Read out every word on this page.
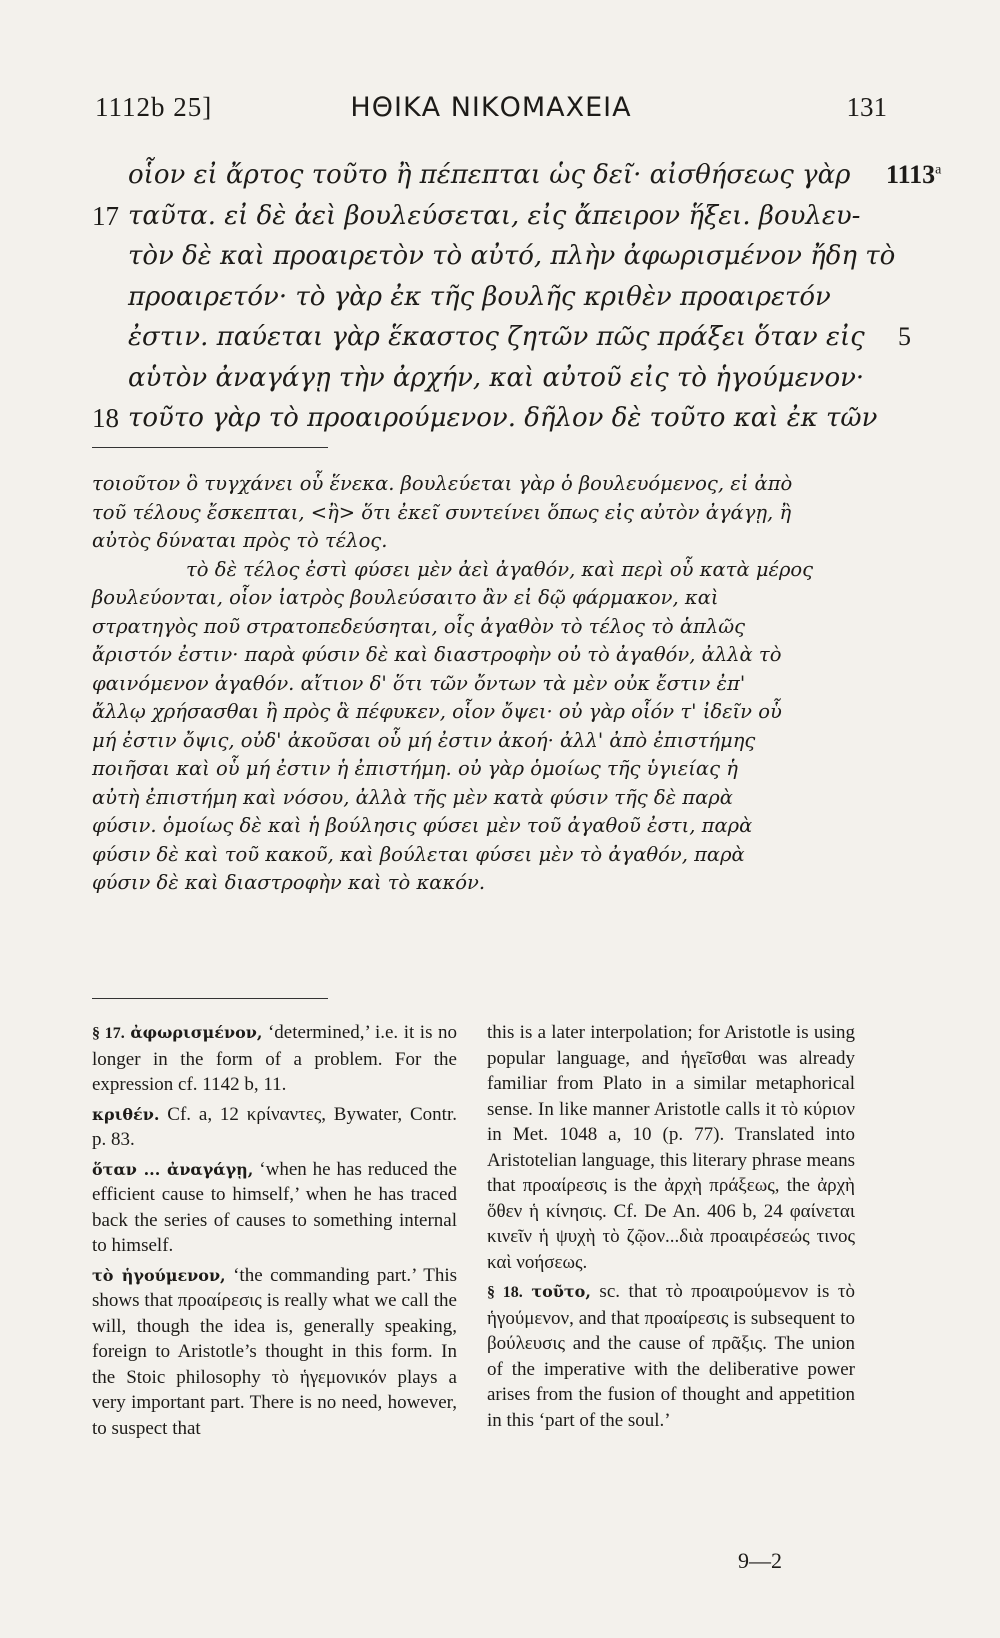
1112b 25]	ΗΘΙΚΑ ΝΙΚΟΜΑΧΕΙΑ	131
οἷον εἰ ἄρτος τοῦτο ἢ πέπεπται ὡς δεῖ· αἰσθήσεως γὰρ	1113$^a$
17 ταῦτα. εἰ δὲ ἀεὶ βουλεύσεται, εἰς ἄπειρον ἥξει. βουλευ-
τὸν δὲ καὶ προαιρετὸν τὸ αὐτό, πλὴν ἀφωρισμένον ἤδη τὸ
προαιρετόν· τὸ γὰρ ἐκ τῆς βουλῆς κριθὲν προαιρετόν
ἐστιν. παύεται γὰρ ἕκαστος ζητῶν πῶς πράξει ὅταν εἰς	5
αὑτὸν ἀναγάγῃ τὴν ἀρχήν, καὶ αὐτοῦ εἰς τὸ ἡγούμενον·
18 τοῦτο γὰρ τὸ προαιρούμενον. δῆλον δὲ τοῦτο καὶ ἐκ τῶν
τοιοῦτον ὃ τυγχάνει οὗ ἕνεκα. βουλεύεται γὰρ ὁ βουλευόμενος, εἰ ἀπὸ
τοῦ τέλους ἔσκεπται, <ἢ> ὅτι ἐκεῖ συντείνει ὅπως εἰς αὐτὸν ἀγάγῃ, ἢ
αὐτὸς δύναται πρὸς τὸ τέλος.
τὸ δὲ τέλος ἐστὶ φύσει μὲν ἀεὶ ἀγαθόν, καὶ περὶ οὗ κατὰ μέρος
βουλεύονται, οἷον ἰατρὸς βουλεύσαιτο ἂν εἰ δῷ φάρμακον, καὶ
στρατηγὸς ποῦ στρατοπεδεύσηται, οἷς ἀγαθὸν τὸ τέλος τὸ ἁπλῶς
ἄριστόν ἐστιν· παρὰ φύσιν δὲ καὶ διαστροφὴν οὐ τὸ ἀγαθόν, ἀλλὰ τὸ
φαινόμενον ἀγαθόν. αἴτιον δ' ὅτι τῶν ὄντων τὰ μὲν οὐκ ἔστιν ἐπ'
ἄλλῳ χρήσασθαι ἢ πρὸς ἃ πέφυκεν, οἷον ὄψει· οὐ γὰρ οἷόν τ' ἰδεῖν οὗ
μή ἐστιν ὄψις, οὐδ' ἀκοῦσαι οὗ μή ἐστιν ἀκοή· ἀλλ' ἀπὸ ἐπιστήμης
ποιῆσαι καὶ οὗ μή ἐστιν ἡ ἐπιστήμη. οὐ γὰρ ὁμοίως τῆς ὑγιείας ἡ
αὐτὴ ἐπιστήμη καὶ νόσου, ἀλλὰ τῆς μὲν κατὰ φύσιν τῆς δὲ παρὰ
φύσιν. ὁμοίως δὲ καὶ ἡ βούλησις φύσει μὲν τοῦ ἀγαθοῦ ἐστι, παρὰ
φύσιν δὲ καὶ τοῦ κακοῦ, καὶ βούλεται φύσει μὲν τὸ ἀγαθόν, παρὰ
φύσιν δὲ καὶ διαστροφὴν καὶ τὸ κακόν.

§ 17. ἀφωρισμένον, ‘determined,’ i.e. it is no longer in the form of a problem. For the expression cf. 1142 b, 11.

κριθέν. Cf. a, 12 κρίναντες, Bywater, Contr. p. 83.

ὅταν ... ἀναγάγῃ, ‘when he has reduced the efficient cause to himself,’ when he has traced back the series of causes to something internal to himself.

τὸ ἡγούμενον, ‘the commanding part.’ This shows that προαίρεσις is really what we call the will, though the idea is, generally speaking, foreign to Aristotle’s thought in this form. In the Stoic philosophy τὸ ἡγεμονικόν plays a very important part. There is no need, however, to suspect that

this is a later interpolation; for Aristotle is using popular language, and ἡγεῖσθαι was already familiar from Plato in a similar metaphorical sense. In like manner Aristotle calls it τὸ κύριον in Met. 1048 a, 10 (p. 77). Translated into Aristotelian language, this literary phrase means that προαίρεσις is the ἀρχὴ πράξεως, the ἀρχὴ ὅθεν ἡ κίνησις. Cf. De An. 406 b, 24 φαίνεται κινεῖν ἡ ψυχὴ τὸ ζῷον...διὰ προαιρέσεώς τινος καὶ νοήσεως.

§ 18. τοῦτο, sc. that τὸ προαιρούμενον is τὸ ἡγούμενον, and that προαίρεσις is subsequent to βούλευσις and the cause of πρᾶξις. The union of the imperative with the deliberative power arises from the fusion of thought and appetition in this ‘part of the soul.’

9—2
